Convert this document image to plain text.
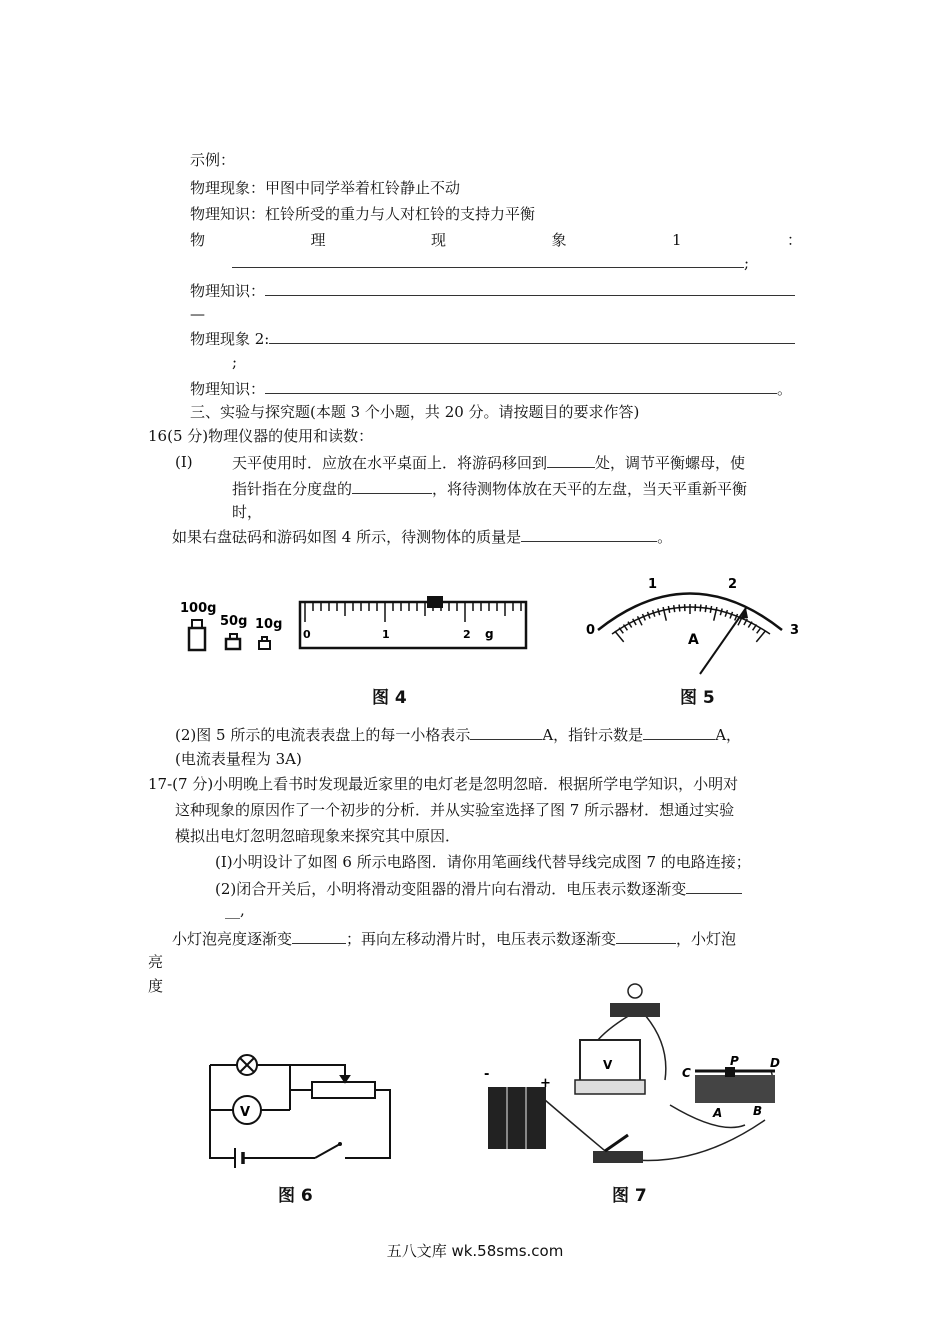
示例：
物理现象：甲图中同学举着杠铃静止不动
物理知识：杠铃所受的重力与人对杠铃的支持力平衡
物	理	现	象	1	：
;
物理知识：
—
物理现象 2:
;
物理知识：	。
三、实验与探究题(本题 3 个小题，共 20 分。请按题目的要求作答)
16(5 分)物理仪器的使用和读数：
(I)	天平使用时．应放在水平桌面上．将游码移回到	处，调节平衡螺母，使
指针指在分度盘的	，将待测物体放在天平的左盘，当天平重新平衡
时，
如果右盘砝码和游码如图 4 所示，待测物体的质量是	。
100g
50g 10g
0	1	2 g
图 4
0
1	2
3
A
图 5
(2)图 5 所示的电流表表盘上的每一小格表示	A，指针示数是	A，
(电流表量程为 3A)
17-(7 分)小明晚上看书时发现最近家里的电灯老是忽明忽暗．根据所学电学知识，小明对
这种现象的原因作了一个初步的分析．并从实验室选择了图 7 所示器材．想通过实验
模拟出电灯忽明忽暗现象来探究其中原因．
(I)小明设计了如图 6 所示电路图．请你用笔画线代替导线完成图 7 的电路连接；
(2)闭合开关后，小明将滑动变阻器的滑片向右滑动．电压表示数逐渐变
__,
小灯泡亮度逐渐变	；再向左移动滑片时，电压表示数逐渐变	，小灯泡
亮
度
V
图 6
V
+
-	C
P	D
A	B
图 7
五八文库 wk.58sms.com
